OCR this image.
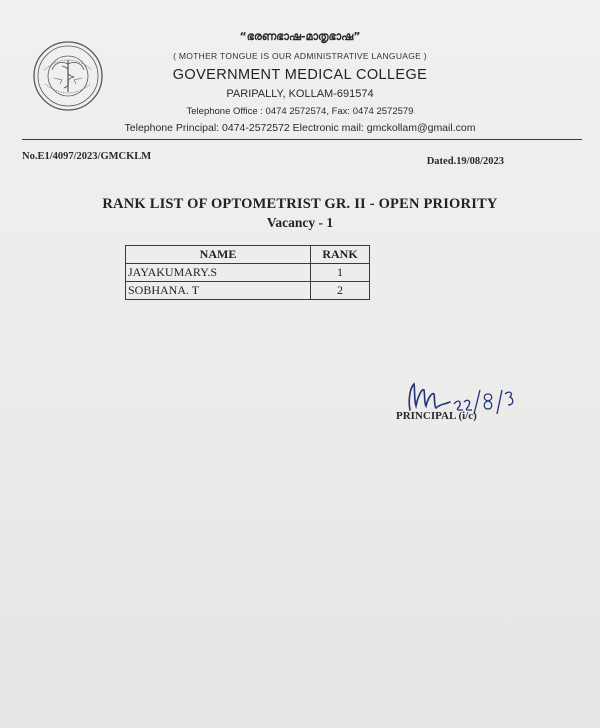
“ഭരണഭാഷ-മാതൃഭാഷ”
( MOTHER TONGUE IS OUR ADMINISTRATIVE LANGUAGE )
GOVERNMENT MEDICAL COLLEGE
PARIPALLY, KOLLAM-691574
Telephone Office : 0474 2572574, Fax: 0474 2572579
Telephone Principal: 0474-2572572 Electronic mail: gmckollam@gmail.com
No.E1/4097/2023/GMCKLM	Dated.19/08/2023
RANK LIST OF OPTOMETRIST GR. II - OPEN PRIORITY
Vacancy - 1
NAME	RANK
JAYAKUMARY.S	1
SOBHANA. T	2
PRINCIPAL (i/c)
